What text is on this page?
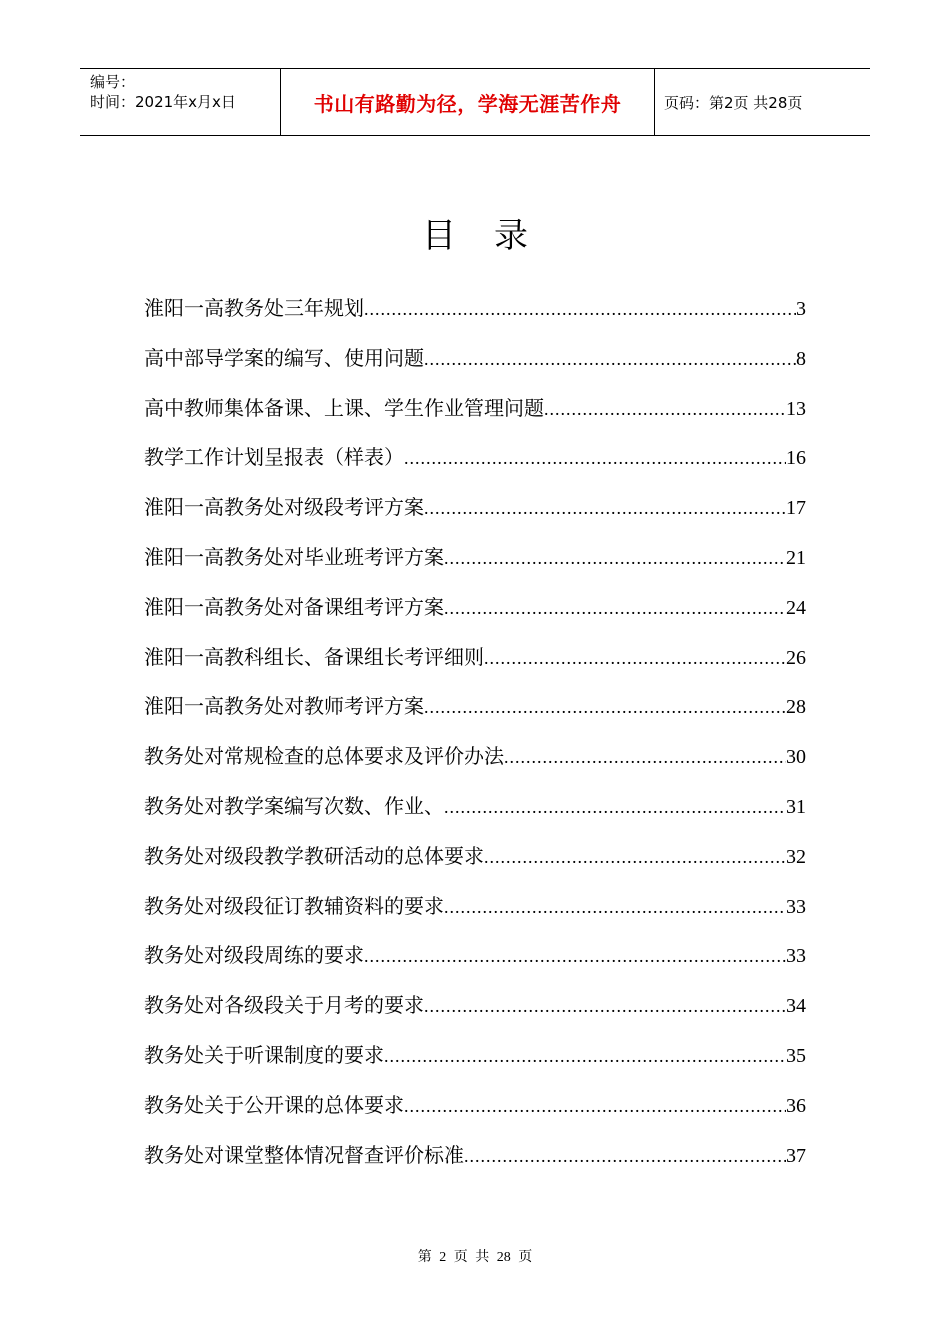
编号：
时间：2021年x月x日	书山有路勤为径，学海无涯苦作舟	页码：第2页 共28页
目录
淮阳一高教务处三年规划 .....	3
高中部导学案的编写、使用问题 .....	8
高中教师集体备课、上课、学生作业管理问题 .....	13
教学工作计划呈报表（样表） .....	16
淮阳一高教务处对级段考评方案 .....	17
淮阳一高教务处对毕业班考评方案 .....	21
淮阳一高教务处对备课组考评方案 .....	24
淮阳一高教科组长、备课组长考评细则 .....	26
淮阳一高教务处对教师考评方案 .....	28
教务处对常规检查的总体要求及评价办法 .....	30
教务处对教学案编写次数、作业、 .....	31
教务处对级段教学教研活动的总体要求 .....	32
教务处对级段征订教辅资料的要求 .....	33
教务处对级段周练的要求 .....	33
教务处对各级段关于月考的要求 .....	34
教务处关于听课制度的要求 .....	35
教务处关于公开课的总体要求 .....	36
教务处对课堂整体情况督查评价标准 .....	37
第 2 页 共 28 页
